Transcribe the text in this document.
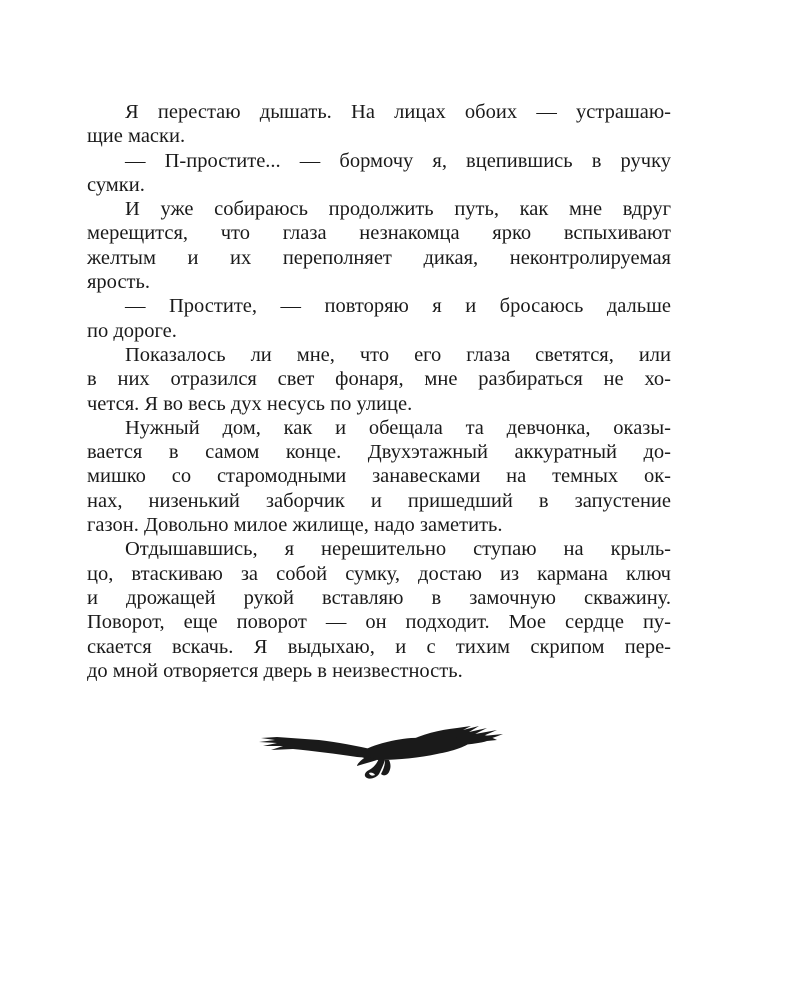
Я перестаю дышать. На лицах обоих — устрашаю-
щие маски.
— П-простите... — бормочу я, вцепившись в ручку
сумки.
И уже собираюсь продолжить путь, как мне вдруг
мерещится, что глаза незнакомца ярко вспыхивают
желтым и их переполняет дикая, неконтролируемая
ярость.
— Простите, — повторяю я и бросаюсь дальше
по дороге.
Показалось ли мне, что его глаза светятся, или
в них отразился свет фонаря, мне разбираться не хо-
чется. Я во весь дух несусь по улице.
Нужный дом, как и обещала та девчонка, оказы-
вается в самом конце. Двухэтажный аккуратный до-
мишко со старомодными занавесками на темных ок-
нах, низенький заборчик и пришедший в запустение
газон. Довольно милое жилище, надо заметить.
Отдышавшись, я нерешительно ступаю на крыль-
цо, втаскиваю за собой сумку, достаю из кармана ключ
и дрожащей рукой вставляю в замочную скважину.
Поворот, еще поворот — он подходит. Мое сердце пу-
скается вскачь. Я выдыхаю, и с тихим скрипом пере-
до мной отворяется дверь в неизвестность.
